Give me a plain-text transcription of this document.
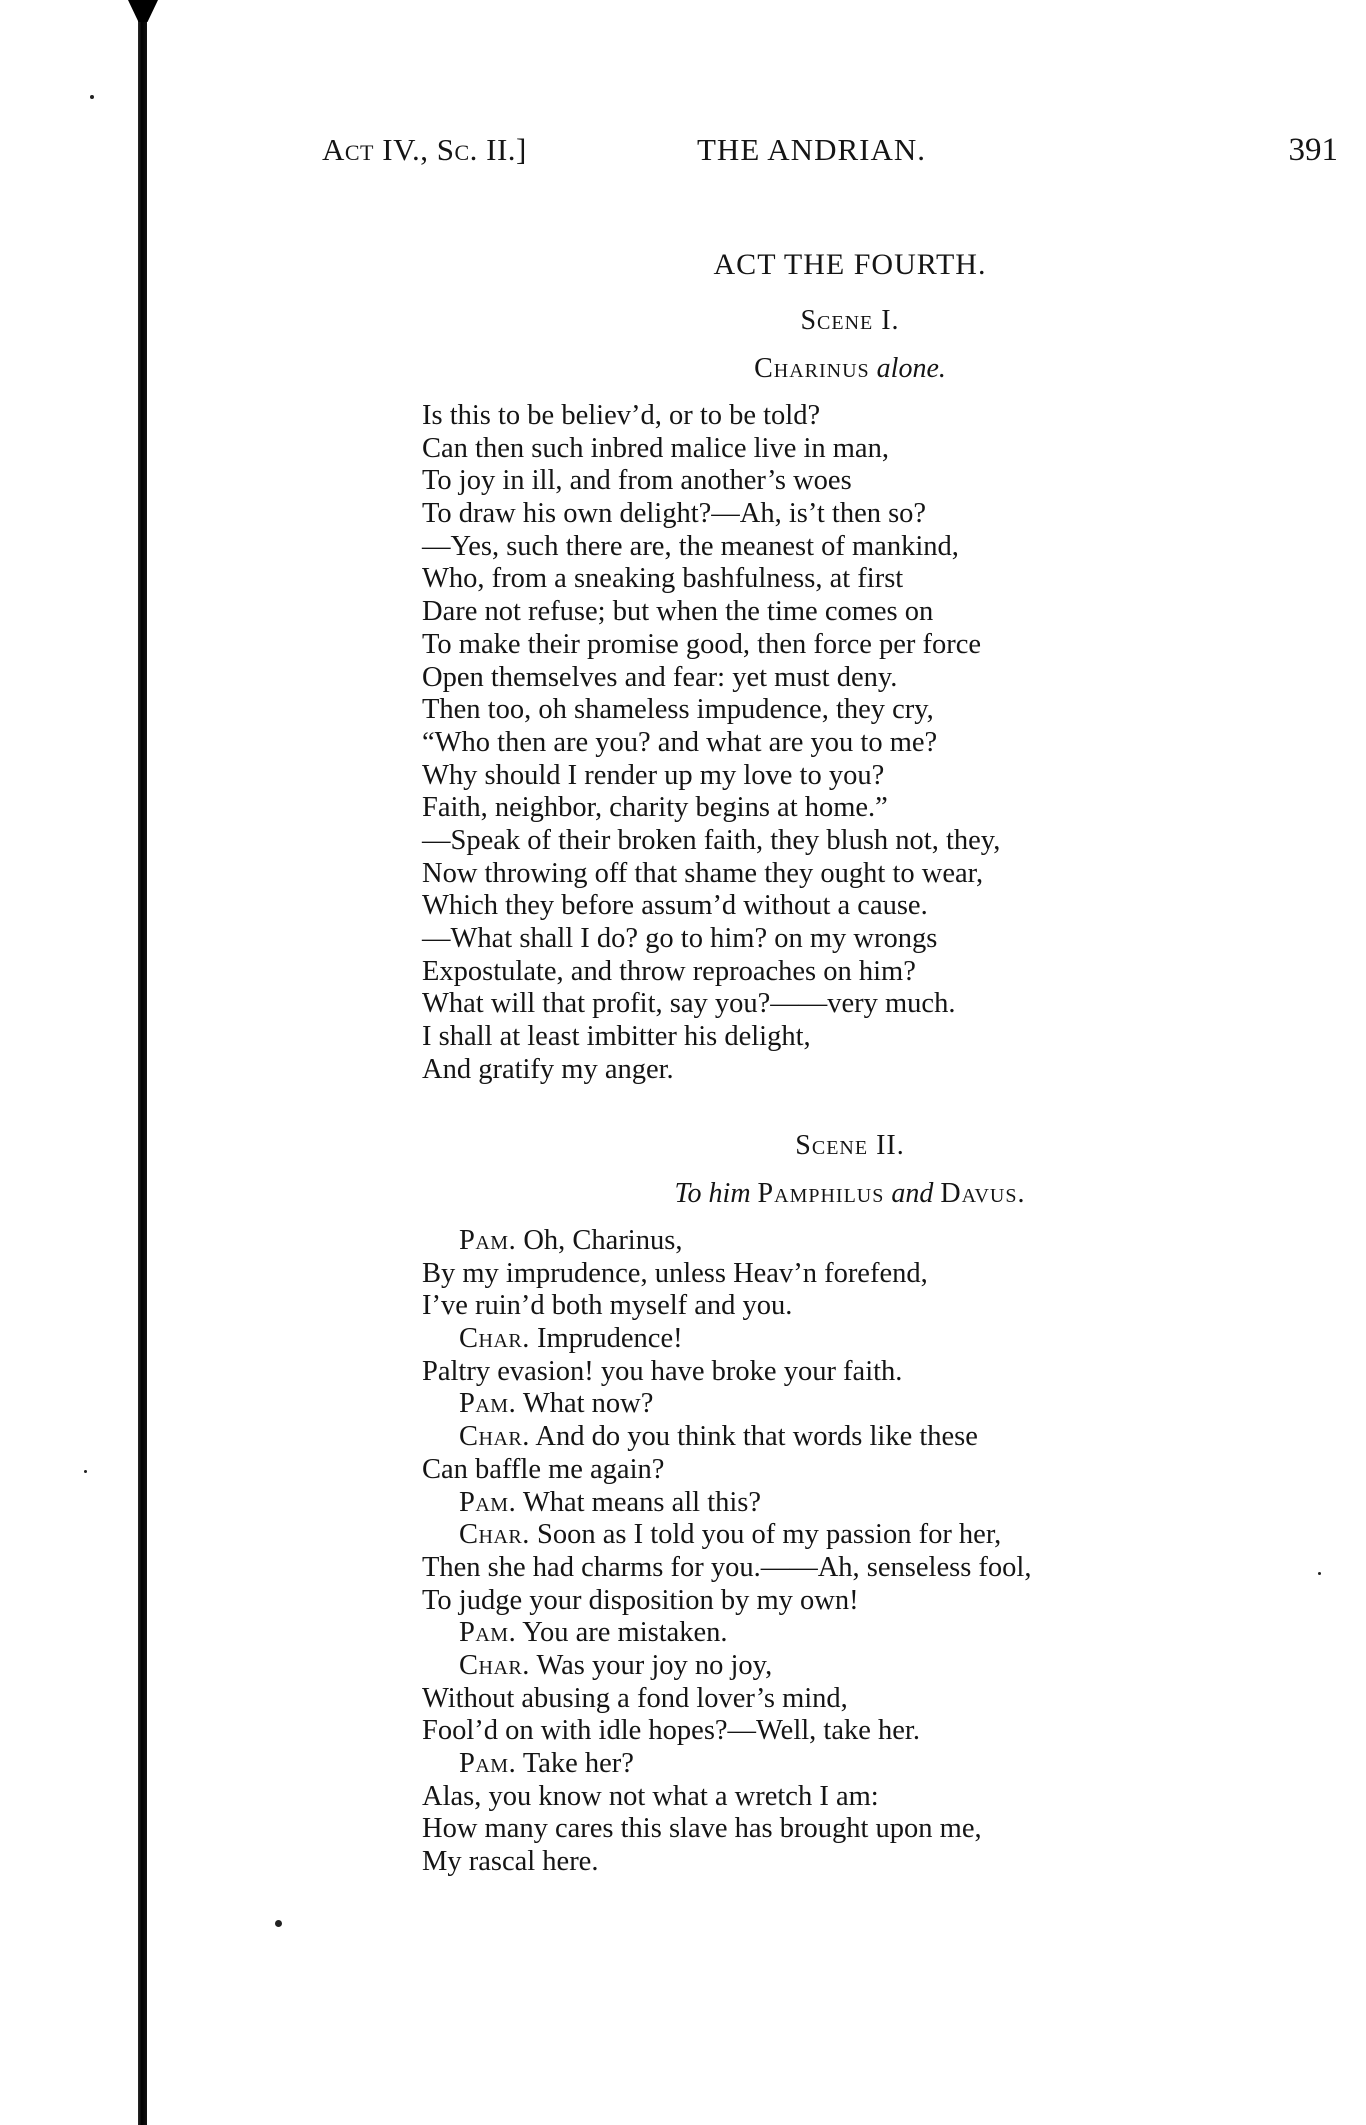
Act IV., Sc. II.]	THE ANDRIAN.	391
ACT THE FOURTH.
Scene I.
Charinus alone.
Is this to be believ’d, or to be told?
Can then such inbred malice live in man,
To joy in ill, and from another’s woes
To draw his own delight?—Ah, is’t then so?
—Yes, such there are, the meanest of mankind,
Who, from a sneaking bashfulness, at first
Dare not refuse; but when the time comes on
To make their promise good, then force per force
Open themselves and fear: yet must deny.
Then too, oh shameless impudence, they cry,
“Who then are you? and what are you to me?
Why should I render up my love to you?
Faith, neighbor, charity begins at home.”
—Speak of their broken faith, they blush not, they,
Now throwing off that shame they ought to wear,
Which they before assum’d without a cause.
—What shall I do? go to him? on my wrongs
Expostulate, and throw reproaches on him?
What will that profit, say you?——very much.
I shall at least imbitter his delight,
And gratify my anger.
Scene II.
To him Pamphilus and Davus.
Pam. Oh, Charinus,
By my imprudence, unless Heav’n forefend,
I’ve ruin’d both myself and you.
Char. Imprudence!
Paltry evasion! you have broke your faith.
Pam. What now?
Char. And do you think that words like these
Can baffle me again?
Pam. What means all this?
Char. Soon as I told you of my passion for her,
Then she had charms for you.——Ah, senseless fool,
To judge your disposition by my own!
Pam. You are mistaken.
Char. Was your joy no joy,
Without abusing a fond lover’s mind,
Fool’d on with idle hopes?—Well, take her.
Pam. Take her?
Alas, you know not what a wretch I am:
How many cares this slave has brought upon me,
My rascal here.
